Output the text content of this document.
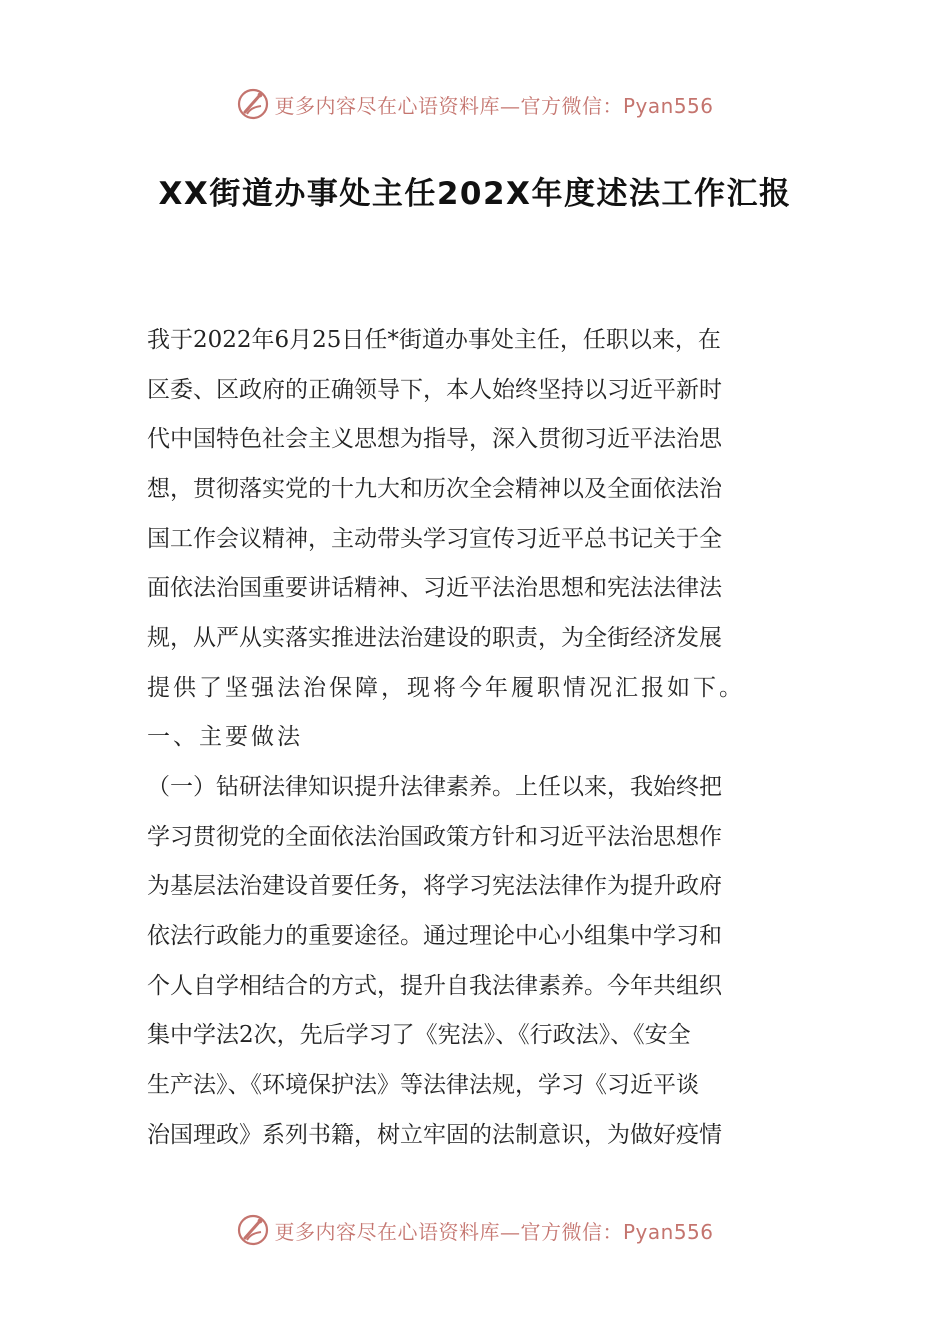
更多内容尽在心语资料库—官方微信：Pyan556
XX街道办事处主任202X年度述法工作汇报
我于2022年6月25日任*街道办事处主任，任职以来，在
区委、区政府的正确领导下，本人始终坚持以习近平新时
代中国特色社会主义思想为指导，深入贯彻习近平法治思
想，贯彻落实党的十九大和历次全会精神以及全面依法治
国工作会议精神，主动带头学习宣传习近平总书记关于全
面依法治国重要讲话精神、习近平法治思想和宪法法律法
规，从严从实落实推进法治建设的职责，为全街经济发展
提供了坚强法治保障，现将今年履职情况汇报如下。
一、主要做法
（一）钻研法律知识提升法律素养。上任以来，我始终把
学习贯彻党的全面依法治国政策方针和习近平法治思想作
为基层法治建设首要任务，将学习宪法法律作为提升政府
依法行政能力的重要途径。通过理论中心小组集中学习和
个人自学相结合的方式，提升自我法律素养。今年共组织
集中学法2次，先后学习了《宪法》、《行政法》、《安全
生产法》、《环境保护法》等法律法规，学习《习近平谈
治国理政》系列书籍，树立牢固的法制意识，为做好疫情
更多内容尽在心语资料库—官方微信：Pyan556
